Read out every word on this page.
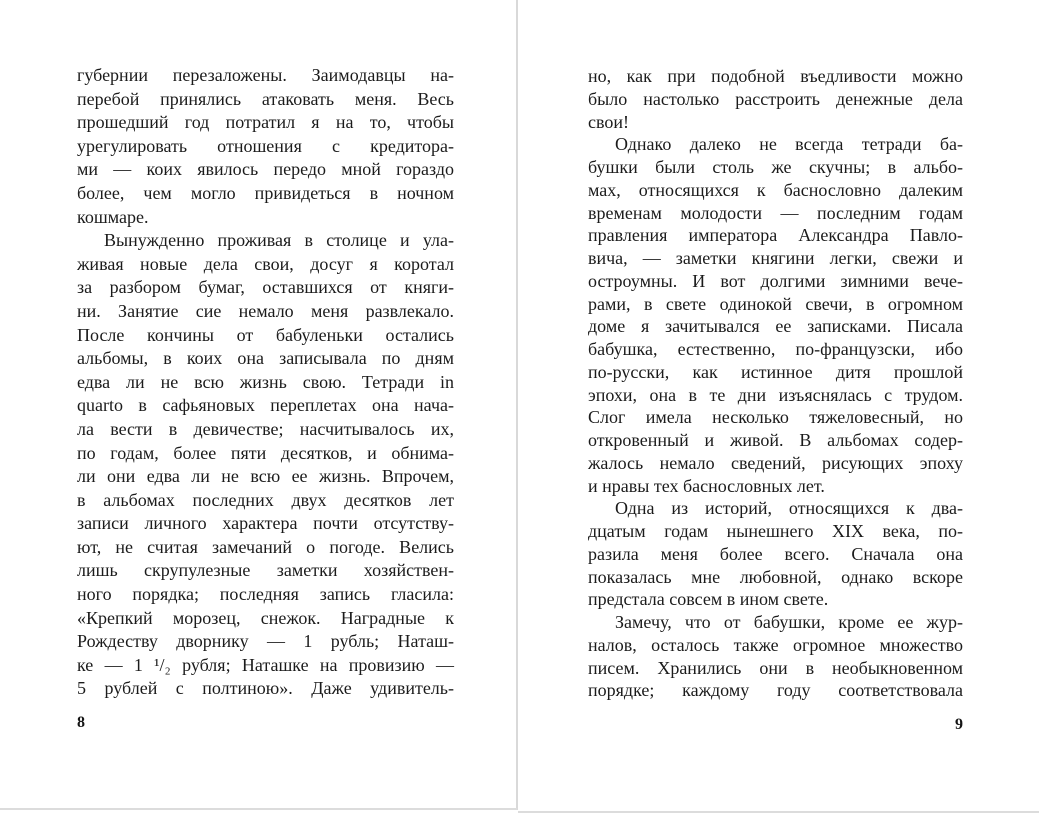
губернии перезаложены. Заимодавцы на-
перебой принялись атаковать меня. Весь
прошедший год потратил я на то, чтобы
урегулировать отношения с кредитора-
ми — коих явилось передо мной гораздо
более, чем могло привидеться в ночном
кошмаре.
Вынужденно проживая в столице и ула-
живая новые дела свои, досуг я коротал
за разбором бумаг, оставшихся от княги-
ни. Занятие сие немало меня развлекало.
После кончины от бабуленьки остались
альбомы, в коих она записывала по дням
едва ли не всю жизнь свою. Тетради in
quarto в сафьяновых переплетах она нача-
ла вести в девичестве; насчитывалось их,
по годам, более пяти десятков, и обнима-
ли они едва ли не всю ее жизнь. Впрочем,
в альбомах последних двух десятков лет
записи личного характера почти отсутству-
ют, не считая замечаний о погоде. Велись
лишь скрупулезные заметки хозяйствен-
ного порядка; последняя запись гласила:
«Крепкий морозец, снежок. Наградные к
Рождеству дворнику — 1 рубль; Наташ-
ке — 1 ¹/₂ рубля; Наташке на провизию —
5 рублей с полтиною». Даже удивитель-
8
но, как при подобной въедливости можно
было настолько расстроить денежные дела
свои!
Однако далеко не всегда тетради ба-
бушки были столь же скучны; в альбо-
мах, относящихся к баснословно далеким
временам молодости — последним годам
правления императора Александра Павло-
вича, — заметки княгини легки, свежи и
остроумны. И вот долгими зимними вече-
рами, в свете одинокой свечи, в огромном
доме я зачитывался ее записками. Писала
бабушка, естественно, по-французски, ибо
по-русски, как истинное дитя прошлой
эпохи, она в те дни изъяснялась с трудом.
Слог имела несколько тяжеловесный, но
откровенный и живой. В альбомах содер-
жалось немало сведений, рисующих эпоху
и нравы тех баснословных лет.
Одна из историй, относящихся к два-
дцатым годам нынешнего XIX века, по-
разила меня более всего. Сначала она
показалась мне любовной, однако вскоре
предстала совсем в ином свете.
Замечу, что от бабушки, кроме ее жур-
налов, осталось также огромное множество
писем. Хранились они в необыкновенном
порядке; каждому году соответствовала
9
